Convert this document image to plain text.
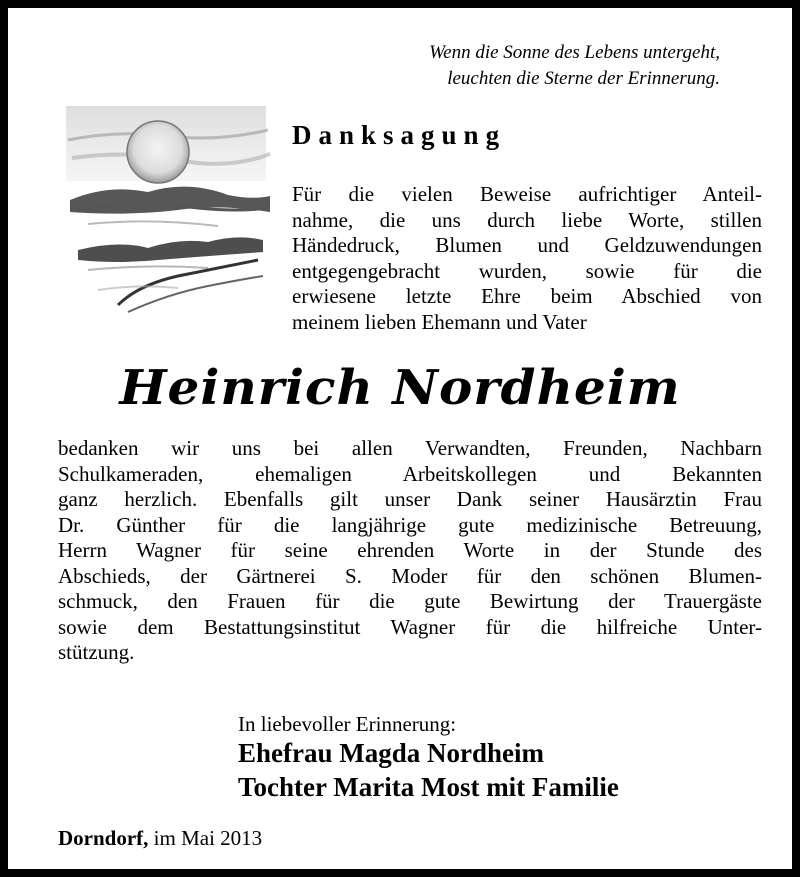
Wenn die Sonne des Lebens untergeht,
leuchten die Sterne der Erinnerung.
Danksagung
Für die vielen Beweise aufrichtiger Anteil-
nahme, die uns durch liebe Worte, stillen
Händedruck, Blumen und Geldzuwendungen
entgegengebracht wurden, sowie für die
erwiesene letzte Ehre beim Abschied von
meinem lieben Ehemann und Vater
Heinrich Nordheim
bedanken wir uns bei allen Verwandten, Freunden, Nachbarn
Schulkameraden, ehemaligen Arbeitskollegen und Bekannten
ganz herzlich. Ebenfalls gilt unser Dank seiner Hausärztin Frau
Dr. Günther für die langjährige gute medizinische Betreuung,
Herrn Wagner für seine ehrenden Worte in der Stunde des
Abschieds, der Gärtnerei S. Moder für den schönen Blumen-
schmuck, den Frauen für die gute Bewirtung der Trauergäste
sowie dem Bestattungsinstitut Wagner für die hilfreiche Unter-
stützung.
In liebevoller Erinnerung:
Ehefrau Magda Nordheim
Tochter Marita Most mit Familie
Dorndorf, im Mai 2013
